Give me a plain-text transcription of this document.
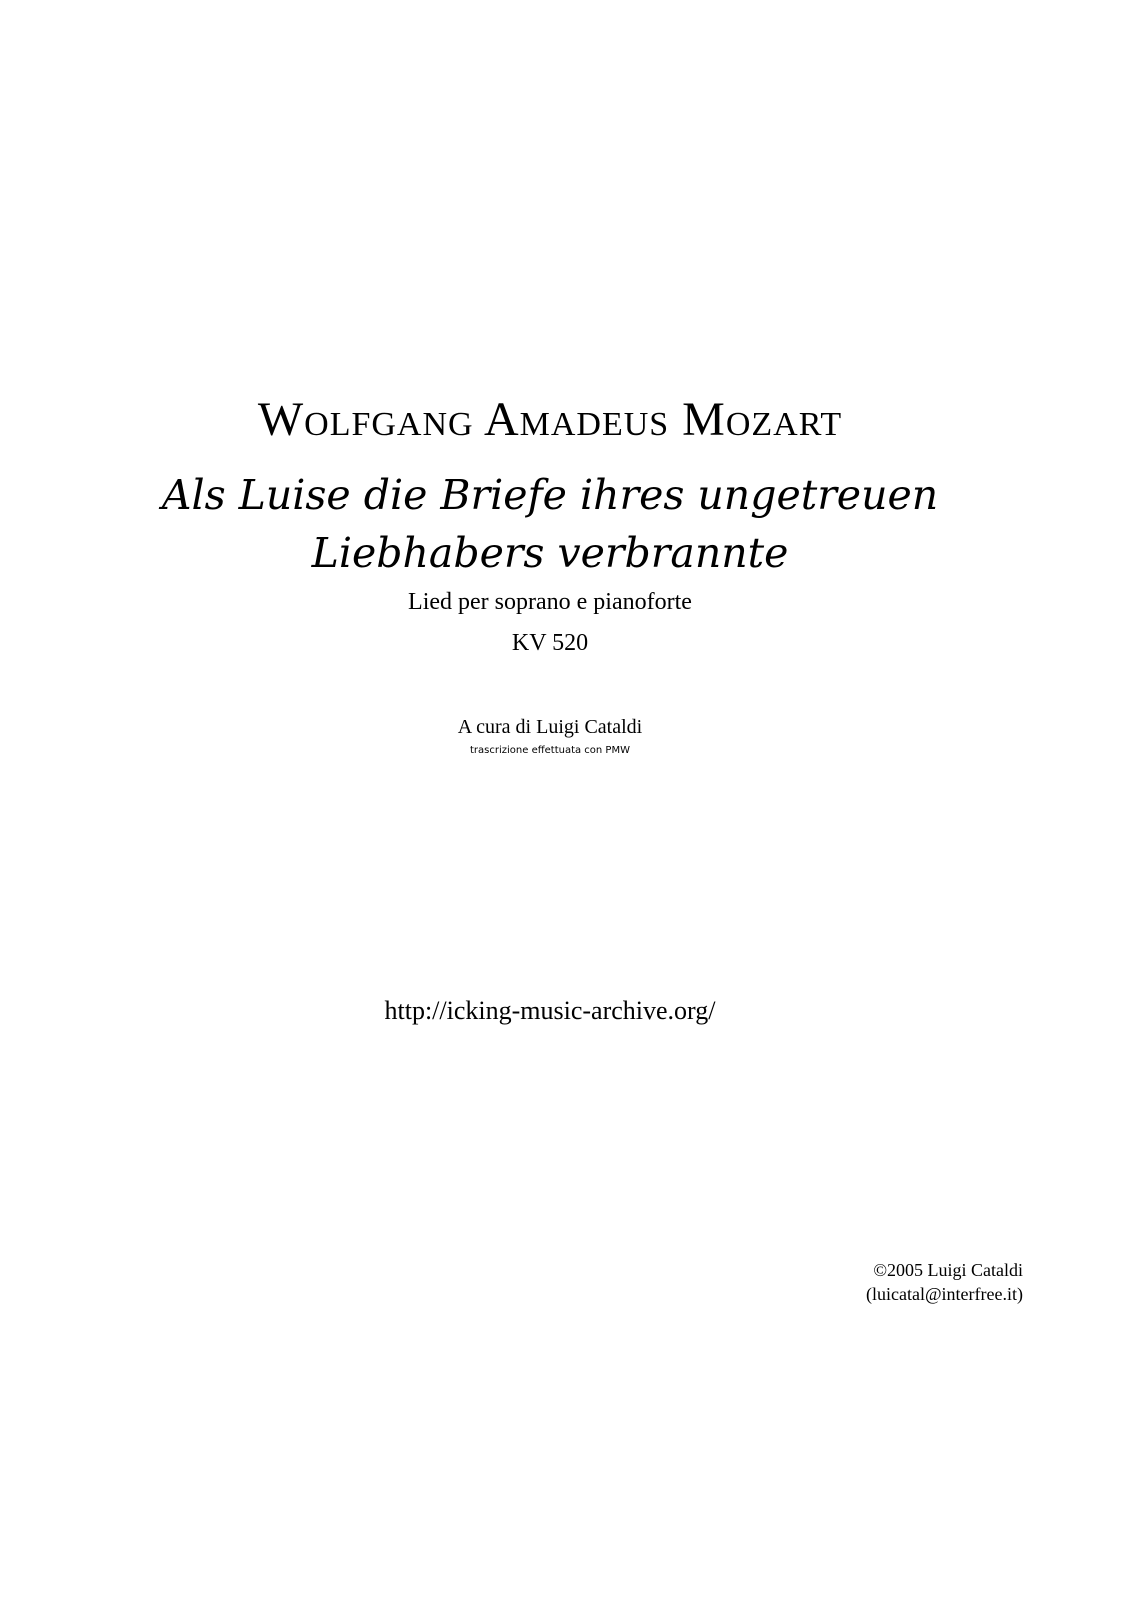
Wolfgang Amadeus Mozart
Als Luise die Briefe ihres ungetreuen
Liebhabers verbrannte
Lied per soprano e pianoforte
KV 520
A cura di Luigi Cataldi
trascrizione effettuata con PMW
http://icking-music-archive.org/
©2005 Luigi Cataldi
(luicatal@interfree.it)
